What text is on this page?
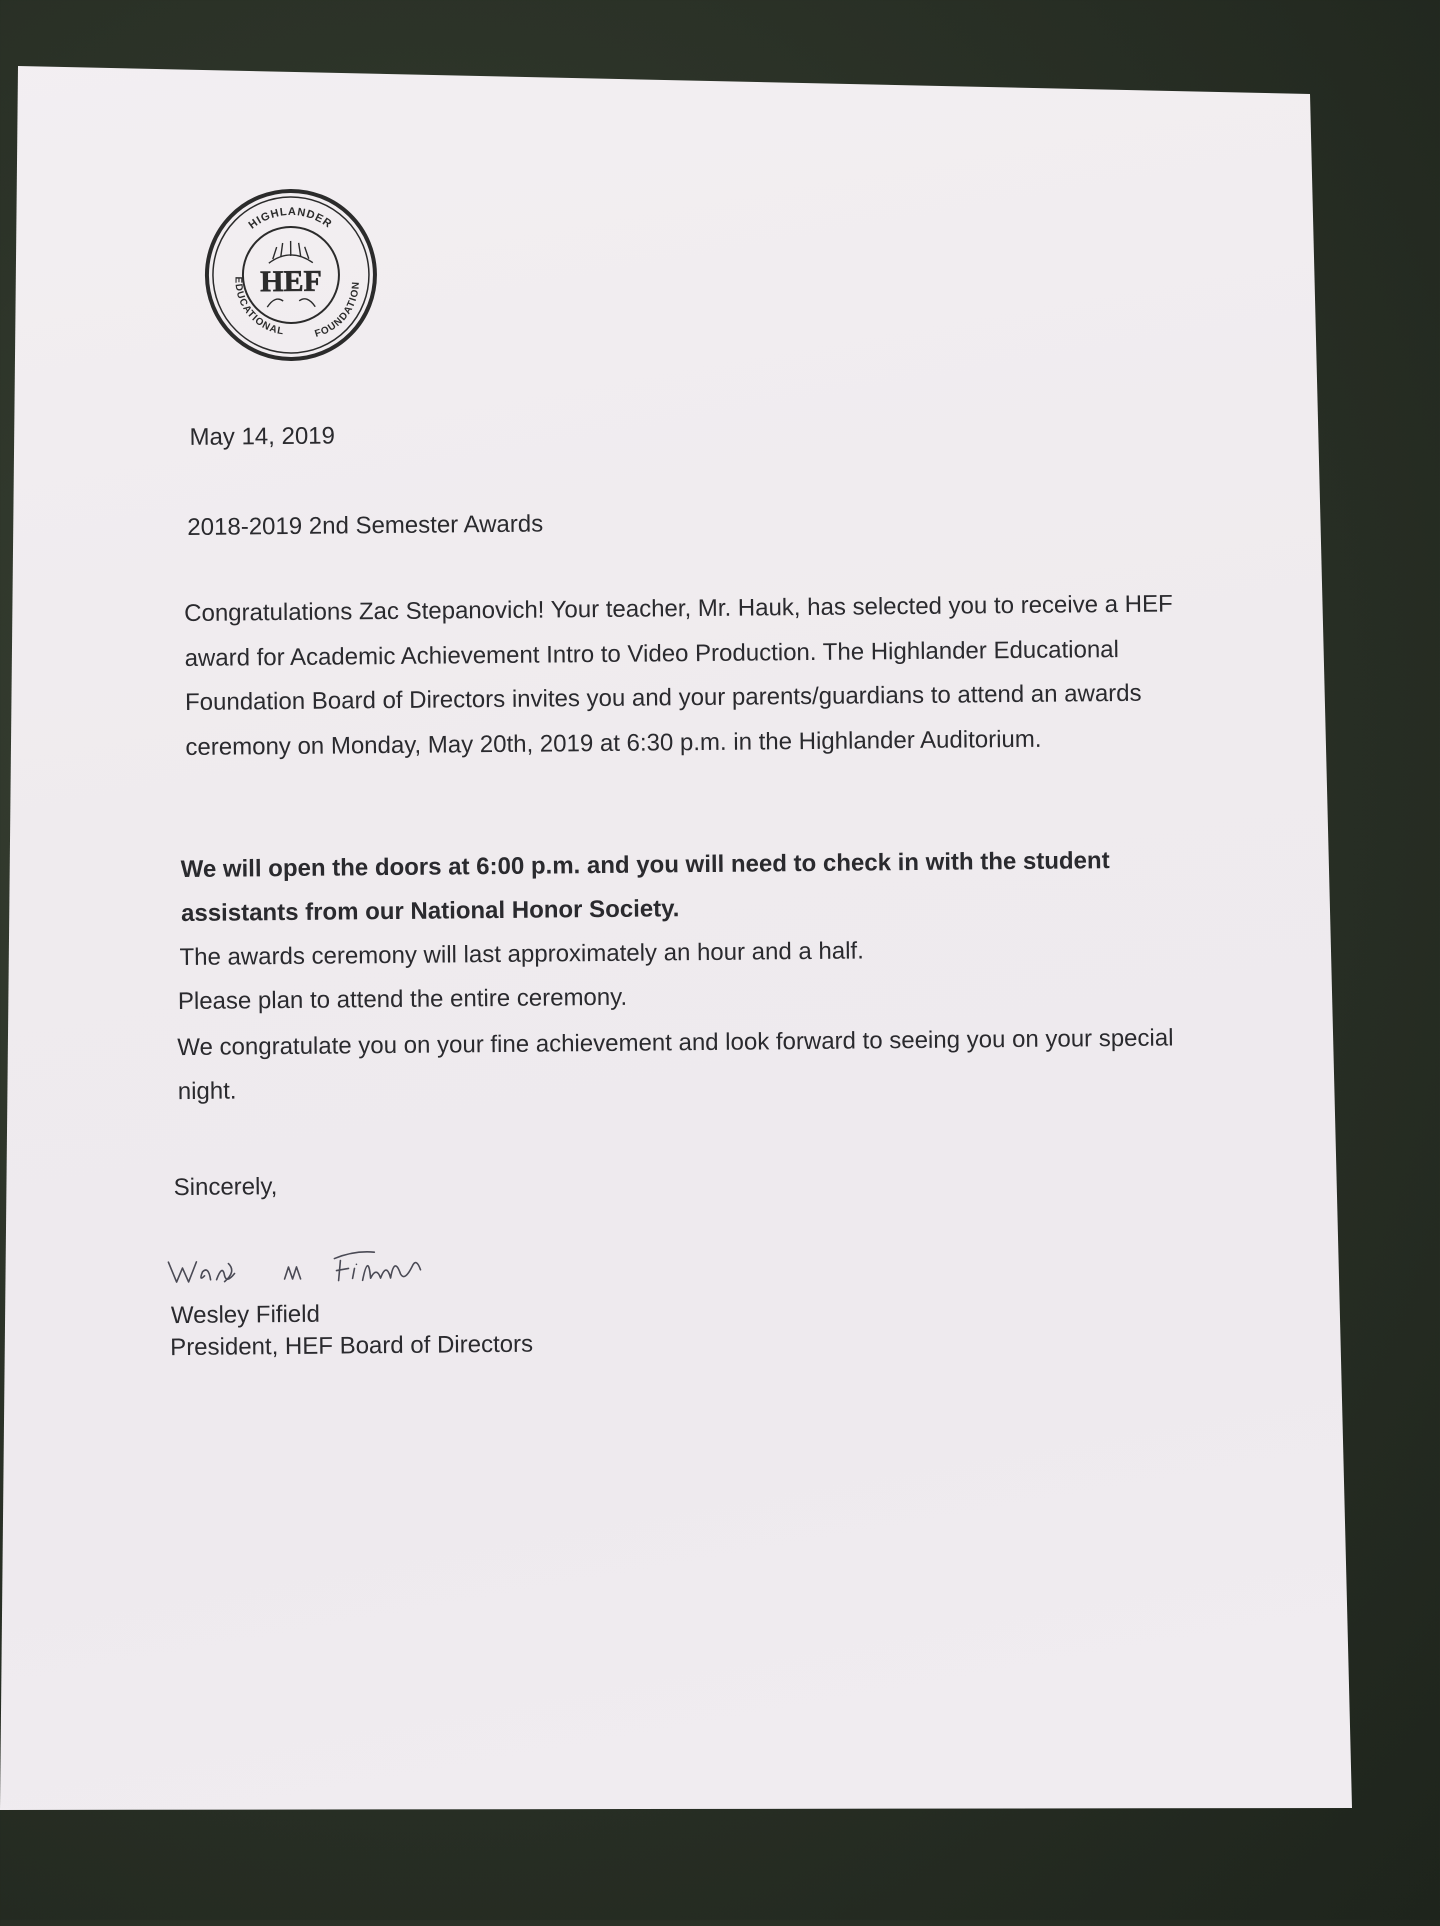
HIGHLANDER
EDUCATIONAL	FOUNDATION
HEF
May 14, 2019
2018-2019 2nd Semester Awards

Congratulations Zac Stepanovich! Your teacher, Mr. Hauk, has selected you to receive a HEF award for Academic Achievement Intro to Video Production. The Highlander Educational Foundation Board of Directors invites you and your parents/guardians to attend an awards ceremony on Monday, May 20th, 2019 at 6:30 p.m. in the Highlander Auditorium.

We will open the doors at 6:00 p.m. and you will need to check in with the student assistants from our National Honor Society.

The awards ceremony will last approximately an hour and a half.

Please plan to attend the entire ceremony.

We congratulate you on your fine achievement and look forward to seeing you on your special night.

Sincerely,
Wesley Fifield
President, HEF Board of Directors
